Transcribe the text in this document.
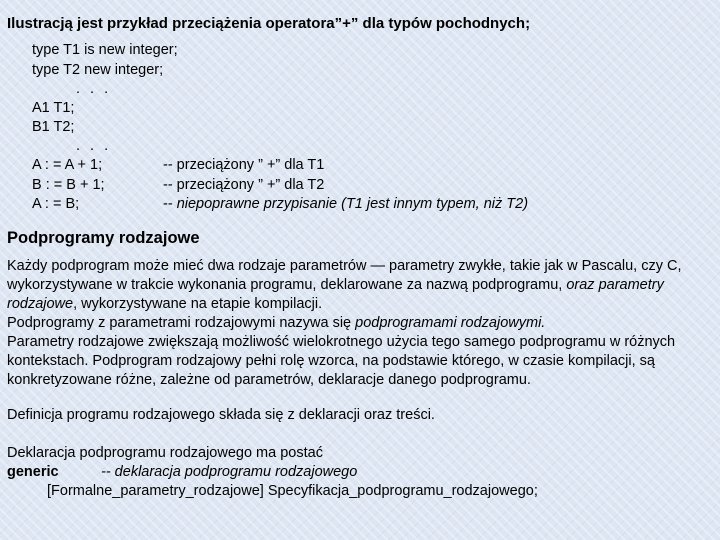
Ilustracją jest przykład przeciążenia operatora”+” dla typów pochodnych;
type T1 is new integer;
type T2 new integer;
. . .
A1 T1;
B1 T2;
. . .
A : = A + 1;
B : = B + 1;
A : = B;
-- przeciążony ” +” dla T1
-- przeciążony ” +” dla T2
-- niepoprawne przypisanie (T1 jest innym typem, niż T2)
Podprogramy rodzajowe
Każdy podprogram może mieć dwa rodzaje parametrów — parametry zwykłe, takie jak w Pascalu, czy C, wykorzystywane w trakcie wykonania programu, deklarowane za nazwą podprogramu, oraz parametry rodzajowe, wykorzystywane na etapie kompilacji.
Podprogramy z parametrami rodzajowymi nazywa się podprogramami rodzajowymi.
Parametry rodzajowe zwiększają możliwość wielokrotnego użycia tego samego podprogramu w różnych kontekstach. Podprogram rodzajowy pełni rolę wzorca, na podstawie którego, w czasie kompilacji, są konkretyzowane różne, zależne od parametrów, deklaracje danego podprogramu.
Definicja programu rodzajowego składa się z deklaracji oraz treści.
Deklaracja podprogramu rodzajowego ma postać
generic	-- deklaracja podprogramu rodzajowego
[Formalne_parametry_rodzajowe] Specyfikacja_podprogramu_rodzajowego;
